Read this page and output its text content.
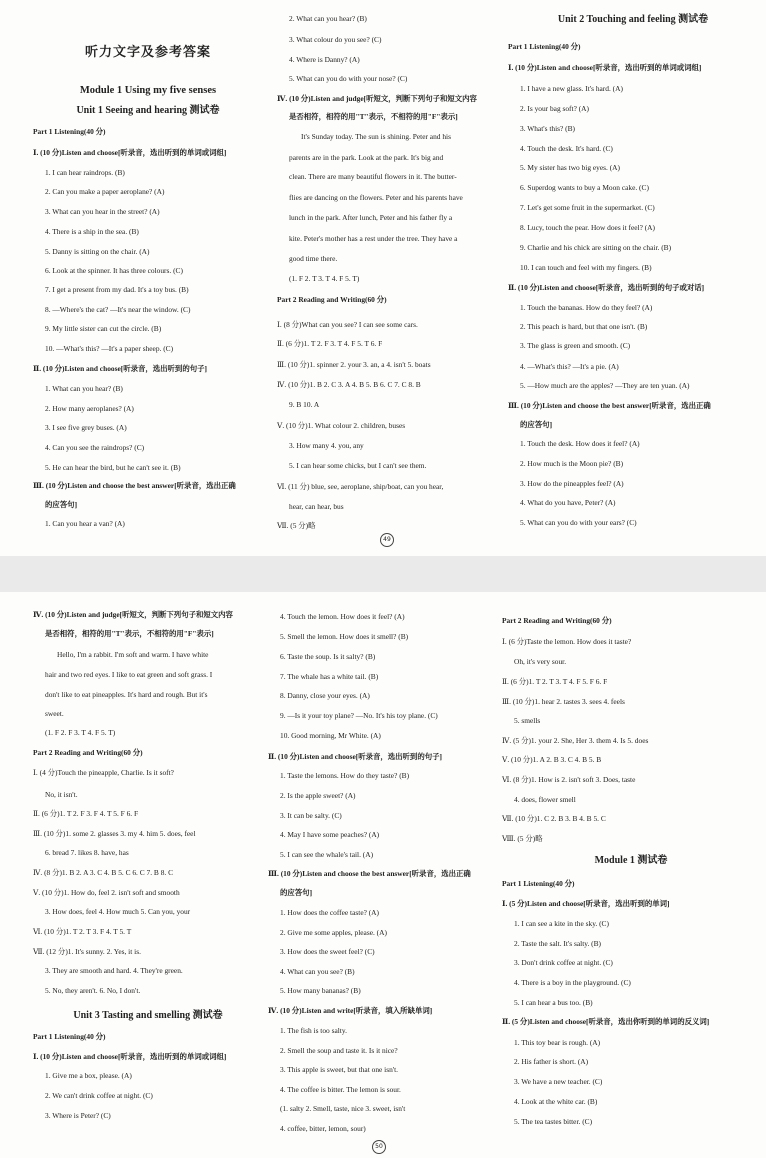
听力文字及参考答案
Module 1 Using my five senses
Unit 1 Seeing and hearing 测试卷
Part 1 Listening(40 分)
Ⅰ. (10 分)Listen and choose[听录音，选出听到的单词或词组]
1. I can hear raindrops. (B)
2. Can you make a paper aeroplane? (A)
3. What can you hear in the street? (A)
4. There is a ship in the sea. (B)
5. Danny is sitting on the chair. (A)
6. Look at the spinner. It has three colours. (C)
7. I get a present from my dad. It's a toy bus. (B)
8. —Where's the cat? —It's near the window. (C)
9. My little sister can cut the circle. (B)
10. —What's this? —It's a paper sheep. (C)
Ⅱ. (10 分)Listen and choose[听录音，选出听到的句子]
1. What can you hear? (B)
2. How many aeroplanes? (A)
3. I see five grey buses. (A)
4. Can you see the raindrops? (C)
5. He can hear the bird, but he can't see it. (B)
Ⅲ. (10 分)Listen and choose the best answer[听录音，选出正确
的应答句]
1. Can you hear a van? (A)
2. What can you hear? (B)
3. What colour do you see? (C)
4. Where is Danny? (A)
5. What can you do with your nose? (C)
Ⅳ. (10 分)Listen and judge[听短文，判断下列句子和短文内容
是否相符，相符的用"T"表示，不相符的用"F"表示]
It's Sunday today. The sun is shining. Peter and his
parents are in the park. Look at the park. It's big and
clean. There are many beautiful flowers in it. The butter-
flies are dancing on the flowers. Peter and his parents have
lunch in the park. After lunch, Peter and his father fly a
kite. Peter's mother has a rest under the tree. They have a
good time there.
(1. F 2. T 3. T 4. F 5. T)
Part 2 Reading and Writing(60 分)
Ⅰ. (8 分)What can you see? I can see some cars.
Ⅱ. (6 分)1. T 2. F 3. T 4. F 5. T 6. F
Ⅲ. (10 分)1. spinner 2. your 3. an, a 4. isn't 5. boats
Ⅳ. (10 分)1. B 2. C 3. A 4. B 5. B 6. C 7. C 8. B
9. B 10. A
Ⅴ. (10 分)1. What colour 2. children, buses
3. How many 4. you, any
5. I can hear some chicks, but I can't see them.
Ⅵ. (11 分) blue, see, aeroplane, ship/boat, can you hear,
hear, can hear, bus
Ⅶ. (5 分)略
Unit 2 Touching and feeling 测试卷
Part 1 Listening(40 分)
Ⅰ. (10 分)Listen and choose[听录音，选出听到的单词或词组]
1. I have a new glass. It's hard. (A)
2. Is your bag soft? (A)
3. What's this? (B)
4. Touch the desk. It's hard. (C)
5. My sister has two big eyes. (A)
6. Superdog wants to buy a Moon cake. (C)
7. Let's get some fruit in the supermarket. (C)
8. Lucy, touch the pear. How does it feel? (A)
9. Charlie and his chick are sitting on the chair. (B)
10. I can touch and feel with my fingers. (B)
Ⅱ. (10 分)Listen and choose[听录音，选出听到的句子或对话]
1. Touch the bananas. How do they feel? (A)
2. This peach is hard, but that one isn't. (B)
3. The glass is green and smooth. (C)
4. —What's this? —It's a pie. (A)
5. —How much are the apples? —They are ten yuan. (A)
Ⅲ. (10 分)Listen and choose the best answer[听录音，选出正确
的应答句]
1. Touch the desk. How does it feel? (A)
2. How much is the Moon pie? (B)
3. How do the pineapples feel? (A)
4. What do you have, Peter? (A)
5. What can you do with your ears? (C)
49
Ⅳ. (10 分)Listen and judge[听短文，判断下列句子和短文内容
是否相符，相符的用"T"表示，不相符的用"F"表示]
Hello, I'm a rabbit. I'm soft and warm. I have white
hair and two red eyes. I like to eat green and soft grass. I
don't like to eat pineapples. It's hard and rough. But it's
sweet.
(1. F 2. F 3. T 4. F 5. T)
Part 2 Reading and Writing(60 分)
Ⅰ. (4 分)Touch the pineapple, Charlie. Is it soft?
No, it isn't.
Ⅱ. (6 分)1. T 2. F 3. F 4. T 5. F 6. F
Ⅲ. (10 分)1. some 2. glasses 3. my 4. him 5. does, feel
6. bread 7. likes 8. have, has
Ⅳ. (8 分)1. B 2. A 3. C 4. B 5. C 6. C 7. B 8. C
Ⅴ. (10 分)1. How do, feel 2. isn't soft and smooth
3. How does, feel 4. How much 5. Can you, your
Ⅵ. (10 分)1. T 2. T 3. F 4. T 5. T
Ⅶ. (12 分)1. It's sunny. 2. Yes, it is.
3. They are smooth and hard. 4. They're green.
5. No, they aren't. 6. No, I don't.
Unit 3 Tasting and smelling 测试卷
Part 1 Listening(40 分)
Ⅰ. (10 分)Listen and choose[听录音，选出听到的单词或词组]
1. Give me a box, please. (A)
2. We can't drink coffee at night. (C)
3. Where is Peter? (C)
4. Touch the lemon. How does it feel? (A)
5. Smell the lemon. How does it smell? (B)
6. Taste the soup. Is it salty? (B)
7. The whale has a white tail. (B)
8. Danny, close your eyes. (A)
9. —Is it your toy plane? —No. It's his toy plane. (C)
10. Good morning, Mr White. (A)
Ⅱ. (10 分)Listen and choose[听录音，选出听到的句子]
1. Taste the lemons. How do they taste? (B)
2. Is the apple sweet? (A)
3. It can be salty. (C)
4. May I have some peaches? (A)
5. I can see the whale's tail. (A)
Ⅲ. (10 分)Listen and choose the best answer[听录音，选出正确
的应答句]
1. How does the coffee taste? (A)
2. Give me some apples, please. (A)
3. How does the sweet feel? (C)
4. What can you see? (B)
5. How many bananas? (B)
Ⅳ. (10 分)Listen and write[听录音，填入所缺单词]
1. The fish is too salty.
2. Smell the soup and taste it. Is it nice?
3. This apple is sweet, but that one isn't.
4. The coffee is bitter. The lemon is sour.
(1. salty 2. Smell, taste, nice 3. sweet, isn't
4. coffee, bitter, lemon, sour)
Part 2 Reading and Writing(60 分)
Ⅰ. (6 分)Taste the lemon. How does it taste?
Oh, it's very sour.
Ⅱ. (6 分)1. T 2. T 3. T 4. F 5. F 6. F
Ⅲ. (10 分)1. hear 2. tastes 3. sees 4. feels
5. smells
Ⅳ. (5 分)1. your 2. She, Her 3. them 4. Is 5. does
Ⅴ. (10 分)1. A 2. B 3. C 4. B 5. B
Ⅵ. (8 分)1. How is 2. isn't soft 3. Does, taste
4. does, flower smell
Ⅶ. (10 分)1. C 2. B 3. B 4. B 5. C
Ⅷ. (5 分)略
Module 1 测试卷
Part 1 Listening(40 分)
Ⅰ. (5 分)Listen and choose[听录音，选出听到的单词]
1. I can see a kite in the sky. (C)
2. Taste the salt. It's salty. (B)
3. Don't drink coffee at night. (C)
4. There is a boy in the playground. (C)
5. I can hear a bus too. (B)
Ⅱ. (5 分)Listen and choose[听录音，选出你听到的单词的反义词]
1. This toy bear is rough. (A)
2. His father is short. (A)
3. We have a new teacher. (C)
4. Look at the white car. (B)
5. The tea tastes bitter. (C)
50
